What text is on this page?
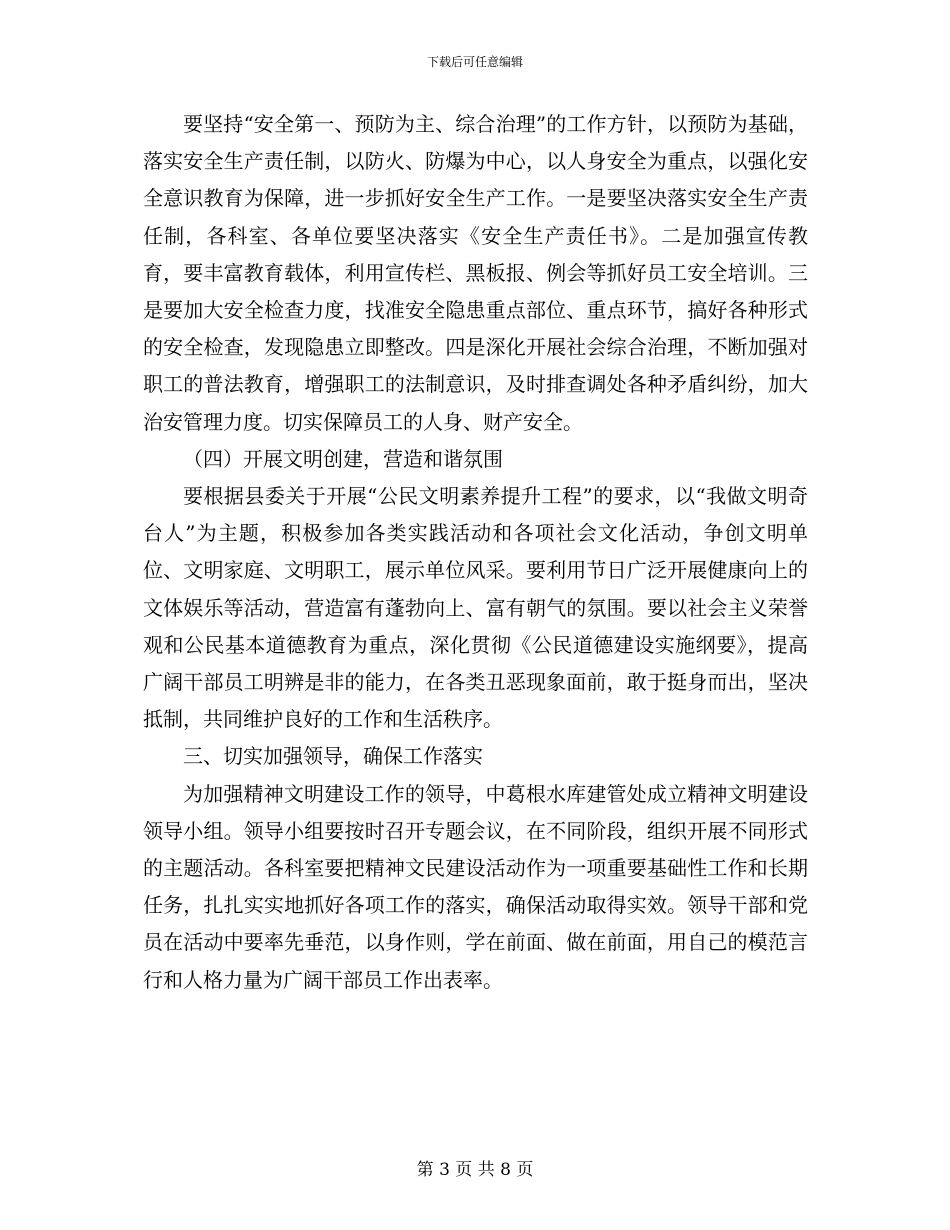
下载后可任意编辑

要坚持“安全第一、预防为主、综合治理”的工作方针，以预防为基础，落实安全生产责任制，以防火、防爆为中心，以人身安全为重点，以强化安全意识教育为保障，进一步抓好安全生产工作。一是要坚决落实安全生产责任制，各科室、各单位要坚决落实《安全生产责任书》。二是加强宣传教育，要丰富教育载体，利用宣传栏、黑板报、例会等抓好员工安全培训。三是要加大安全检查力度，找准安全隐患重点部位、重点环节，搞好各种形式的安全检查，发现隐患立即整改。四是深化开展社会综合治理，不断加强对职工的普法教育，增强职工的法制意识，及时排查调处各种矛盾纠纷，加大治安管理力度。切实保障员工的人身、财产安全。

（四）开展文明创建，营造和谐氛围

要根据县委关于开展“公民文明素养提升工程”的要求，以“我做文明奇台人”为主题，积极参加各类实践活动和各项社会文化活动，争创文明单位、文明家庭、文明职工，展示单位风采。要利用节日广泛开展健康向上的文体娱乐等活动，营造富有蓬勃向上、富有朝气的氛围。要以社会主义荣誉观和公民基本道德教育为重点，深化贯彻《公民道德建设实施纲要》，提高广阔干部员工明辨是非的能力，在各类丑恶现象面前，敢于挺身而出，坚决抵制，共同维护良好的工作和生活秩序。

三、切实加强领导，确保工作落实

为加强精神文明建设工作的领导，中葛根水库建管处成立精神文明建设领导小组。领导小组要按时召开专题会议，在不同阶段，组织开展不同形式的主题活动。各科室要把精神文民建设活动作为一项重要基础性工作和长期任务，扎扎实实地抓好各项工作的落实，确保活动取得实效。领导干部和党员在活动中要率先垂范，以身作则，学在前面、做在前面，用自己的模范言行和人格力量为广阔干部员工作出表率。

第 3 页 共 8 页
